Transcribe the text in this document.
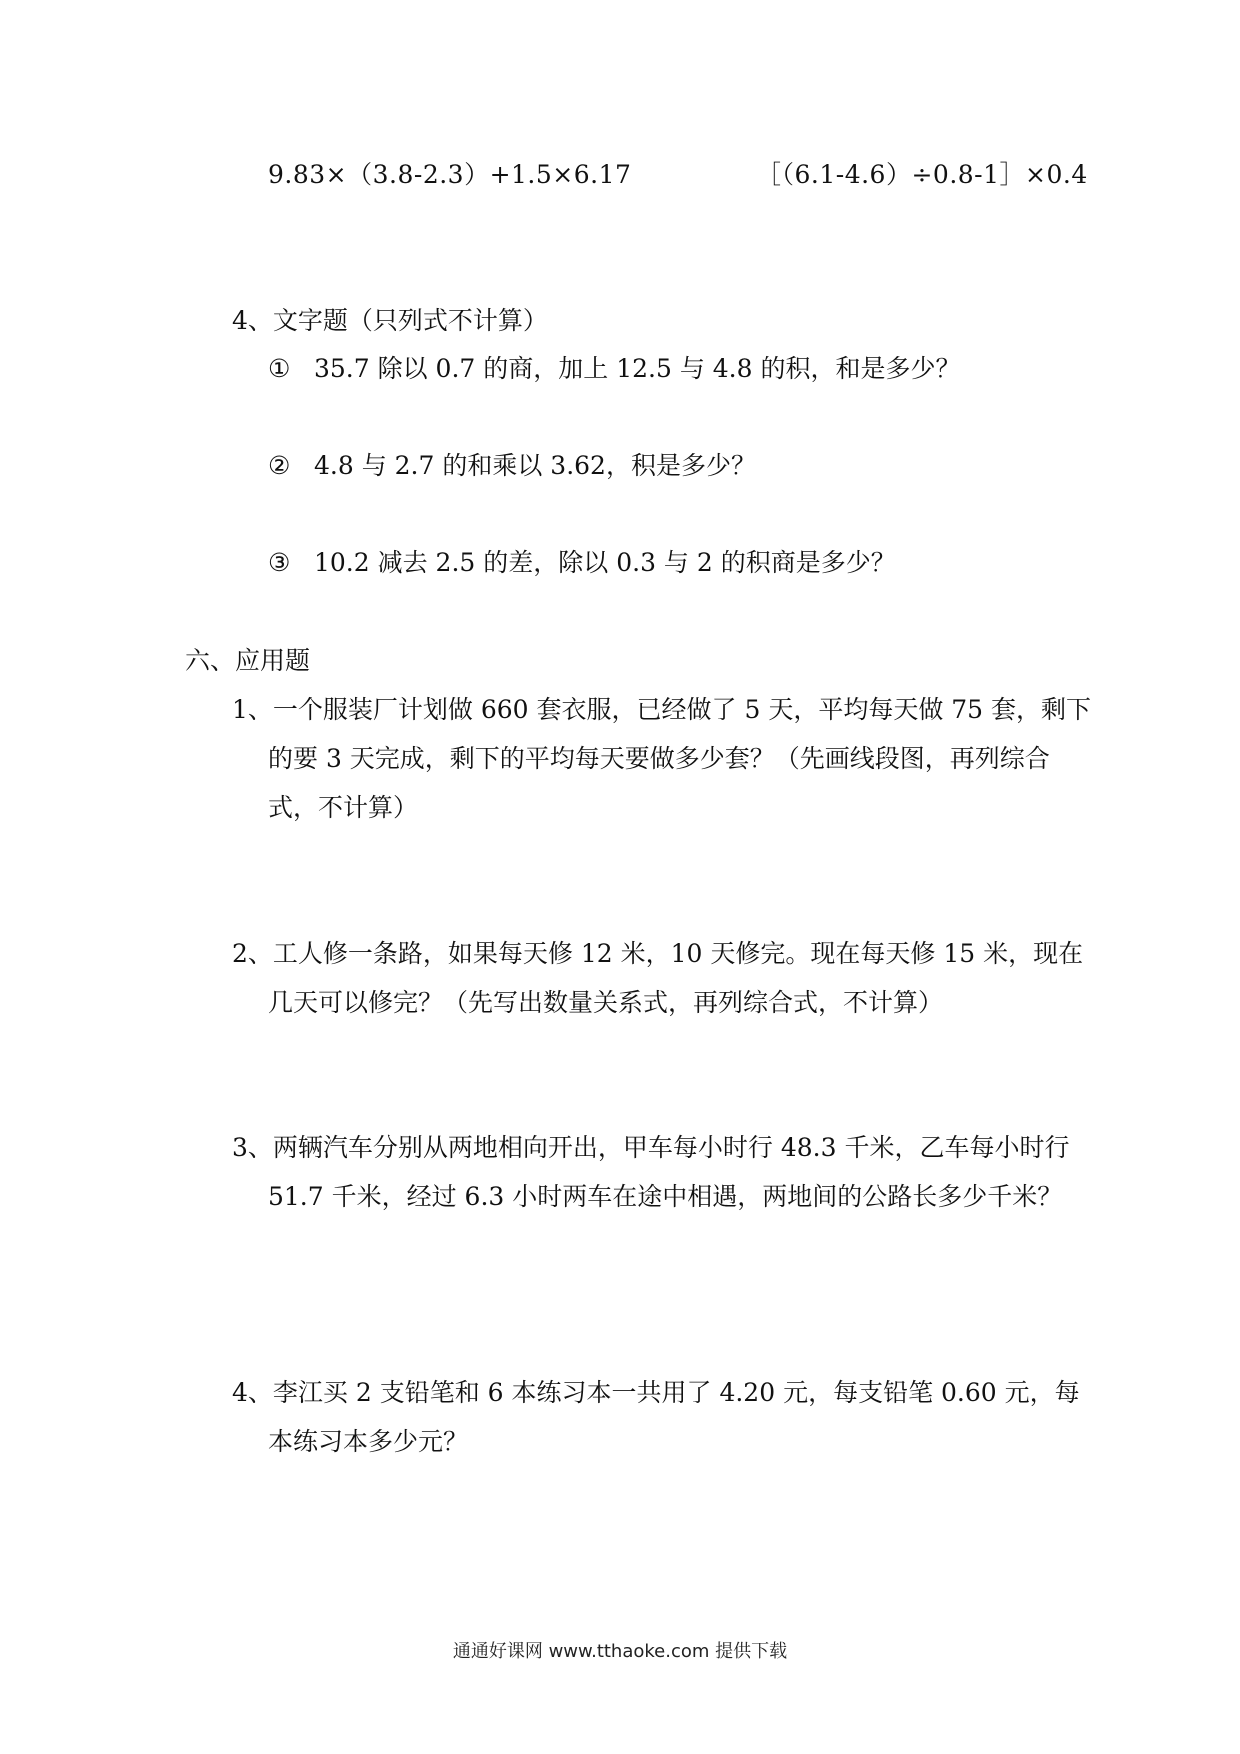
9.83×（3.8-2.3）+1.5×6.17	［（6.1-4.6）÷0.8-1］×0.4
4、文字题（只列式不计算）
① 35.7 除以 0.7 的商，加上 12.5 与 4.8 的积，和是多少？
② 4.8 与 2.7 的和乘以 3.62，积是多少？
③ 10.2 减去 2.5 的差，除以 0.3 与 2 的积商是多少？
六、应用题
1、一个服装厂计划做 660 套衣服，已经做了 5 天，平均每天做 75 套，剩下
的要 3 天完成，剩下的平均每天要做多少套？（先画线段图，再列综合
式，不计算）
2、工人修一条路，如果每天修 12 米，10 天修完。现在每天修 15 米，现在
几天可以修完？（先写出数量关系式，再列综合式，不计算）
3、两辆汽车分别从两地相向开出，甲车每小时行 48.3 千米，乙车每小时行
51.7 千米，经过 6.3 小时两车在途中相遇，两地间的公路长多少千米？
4、李江买 2 支铅笔和 6 本练习本一共用了 4.20 元，每支铅笔 0.60 元，每
本练习本多少元？
通通好课网 www.tthaoke.com 提供下载
